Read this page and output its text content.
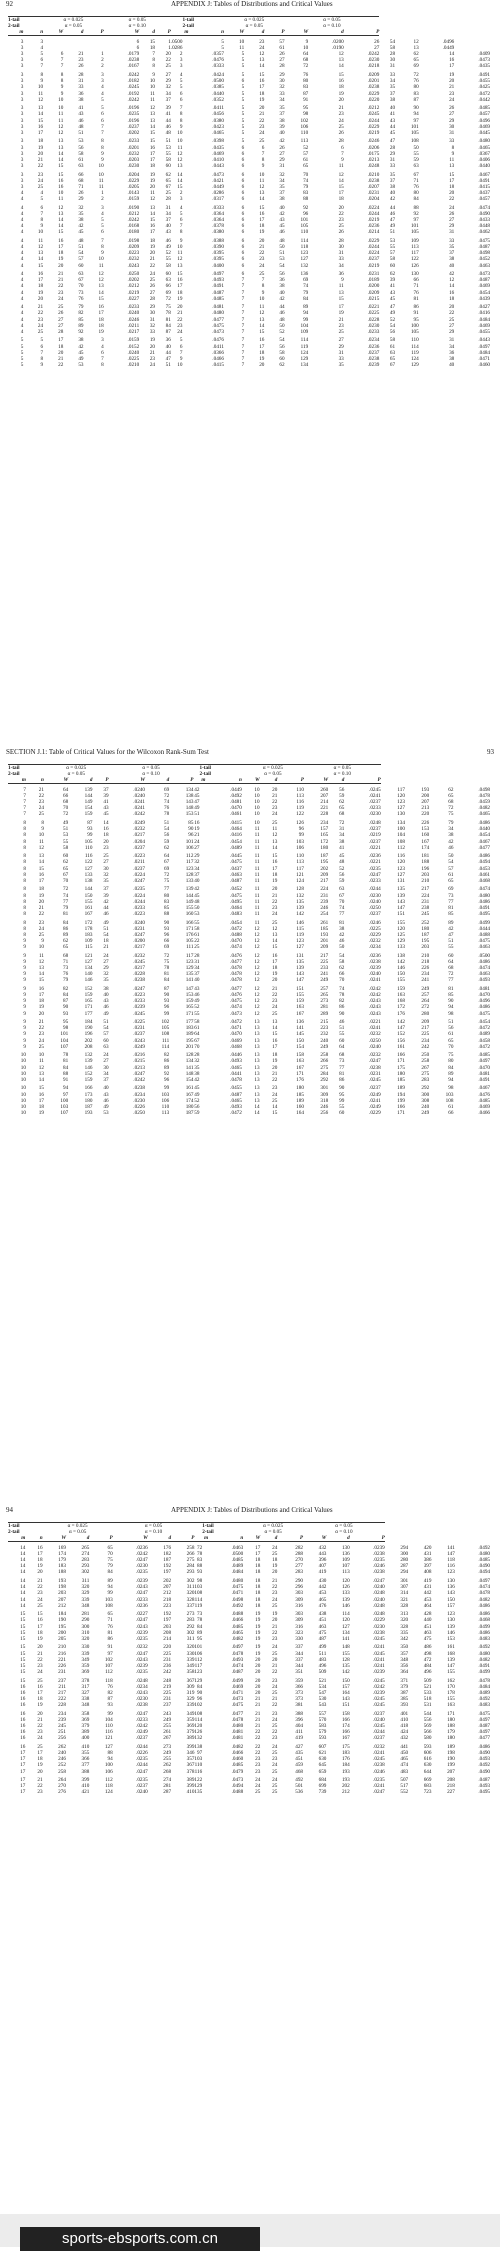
92	APPENDIX J: Tables of Distributions and Critical Values
1-tail		α = 0.025			α = 0.05				1-tail		α = 0.025			α = 0.05						
2-tail		α = 0.05			α = 0.10				2-tail		α = 0.05			α = 0.10						
m	n	W	d	P	W	d	P		m	n	W	d	P	W	d	P				
3	3				6	15	1	.0500		5	10	23	57	9	.0200	26	54	12	.0496	
3	4				6	18	1	.0286		5	11	24	61	10	.0190	27	58	13	.0449	
3	5	6	21	1	.0179	7	20	2		.0357	5	12	26	64	12	.0242	28	62	14	.0409
3	6	7	23	2	.0238	8	22	3		.0476	5	13	27	68	13	.0230	30	65	16	.0473
3	7	7	26	2	.0167	8	25	3		.0333	5	14	28	72	14	.0218	31	69	17	.0435
3	8	8	28	3	.0242	9	27	4		.0424	5	15	29	76	15	.0209	33	72	19	.0491
3	9	8	31	3	.0182	10	29	5		.0500	6	16	30	80	16	.0201	34	76	20	.0455
3	10	9	33	4	.0245	10	32	5		.0385	5	17	32	83	18	.0238	35	80	21	.0425
3	11	9	36	4	.0192	11	34	6		.0440	5	18	33	87	19	.0229	37	83	23	.0472
3	12	10	38	5	.0242	11	37	6		.0352	5	19	34	91	20	.0220	38	87	24	.0442
3	13	10	41	5	.0196	12	39	7		.0411	5	20	35	95	21	.0212	40	90	26	.0485
3	14	11	43	6	.0235	13	41	8		.0456	5	21	37	98	23	.0245	41	94	27	.0457
3	15	11	46	6	.0196	13	44	8		.0380	5	22	38	102	24	.0244	43	97	29	.0496
3	16	12	48	7	.0237	14	46	9		.0423	5	23	39	106	25	.0229	44	101	30	.0469
3	17	12	51	7	.0202	15	48	10		.0465	5	24	40	110	26	.0219	45	105	31	.0445
3	18	13	53	8	.0233	15	51	10		.0398	5	25	42	113	28	.0246	47	108	33	.0480
3	19	13	56	8	.0201	16	53	11		.0435	6	6	26	52	6	.0206	28	50	8	.0465
3	20	14	58	9	.0232	17	55	12		.0469	6	7	27	57	7	.0175	29	55	9	.0367
3	21	14	61	9	.0203	17	58	12		.0410	6	8	29	61	9	.0213	31	59	11	.0406
3	22	15	63	10	.0230	18	60	13		.0443	6	9	31	65	11	.0248	33	63	13	.0440
3	23	15	66	10	.0204	19	62	14		.0473	6	10	32	70	12	.0210	35	67	15	.0467
3	24	16	68	11	.0229	19	65	14		.0421	6	11	34	74	14	.0238	37	71	17	.0491
3	25	16	71	11	.0205	20	67	15		.0449	6	12	35	79	15	.0207	38	76	18	.0415
4	4	10	26	1	.0143	11	25	2		.0286	6	13	37	83	17	.0231	40	80	20	.0437
4	5	11	29	2	.0159	12	28	3		.0317	6	14	38	88	18	.0204	42	84	22	.0457
4	6	12	32	3	.0190	13	31	4		.0333	6	15	40	92	20	.0224	44	88	24	.0474
4	7	13	35	4	.0212	14	34	5		.0364	6	16	42	96	22	.0244	46	92	26	.0490
4	8	14	38	5	.0242	15	37	6		.0364	6	17	43	101	23	.0219	47	97	27	.0433
4	9	14	42	5	.0168	16	40	7		.0378	6	18	45	105	25	.0236	49	101	29	.0448
4	10	15	45	6	.0180	17	43	8		.0380	6	19	46	110	26	.0214	51	105	31	.0462
4	11	16	48	7	.0198	18	46	9		.0388	6	20	48	114	28	.0229	53	109	33	.0475
4	12	17	51	8	.0209	19	49	10		.0390	6	21	50	118	30	.0244	55	113	35	.0487
4	13	18	54	9	.0223	20	52	11		.0395	6	22	51	123	31	.0224	57	117	37	.0498
4	14	19	57	10	.0232	21	55	12		.0395	6	23	53	127	33	.0237	58	122	38	.0452
4	15	20	60	11	.0243	22	58	13		.0400	6	24	54	132	34	.0219	60	126	40	.0463
4	16	21	63	12	.0250	24	60	15		.0497	6	25	56	136	36	.0231	62	130	42	.0473
4	17	21	67	12	.0202	25	63	16		.0493	7	7	36	69	9	.0189	39	66	12	.0487
4	18	22	70	13	.0212	26	66	17		.0491	7	8	38	74	11	.0200	41	71	14	.0469
4	19	23	73	14	.0219	27	69	18		.0487	7	9	40	79	13	.0209	43	76	16	.0454
4	20	24	76	15	.0227	28	72	19		.0485	7	10	42	84	15	.0215	45	81	18	.0439
4	21	25	79	16	.0233	29	75	20		.0481	7	11	44	89	17	.0221	47	86	20	.0427
4	22	26	82	17	.0240	30	78	21		.0480	7	12	46	94	19	.0225	49	91	22	.0416
4	23	27	85	18	.0246	31	81	22		.0477	7	13	48	99	21	.0228	52	95	25	.0484
4	24	27	89	18	.0211	32	84	23		.0475	7	14	50	104	23	.0230	54	100	27	.0469
4	25	28	92	19	.0217	33	87	24		.0473	7	15	52	109	25	.0233	56	105	29	.0455
5	5	17	38	3	.0159	19	36	5		.0476	7	16	54	114	27	.0234	58	110	31	.0443
5	6	18	42	4	.0152	20	40	6		.0411	7	17	56	119	29	.0236	61	114	34	.0497
5	7	20	45	6	.0240	21	44	7		.0366	7	18	58	124	31	.0237	63	119	36	.0484
5	8	21	49	7	.0225	23	47	9		.0466	7	19	60	129	33	.0238	65	124	38	.0471
5	9	22	53	8	.0210	24	51	10		.0415	7	20	62	134	35	.0239	67	129	40	.0460
SECTION J.1: Table of Critical Values for the Wilcoxon Rank-Sum Test	93
1-tail		α = 0.025			α = 0.05				1-tail		α = 0.025			α = 0.05						
2-tail		α = 0.05			α = 0.10				2-tail		α = 0.05			α = 0.10						
m	n	W	d	P	W	d	P		m	n	W	d	P	W	d	P				
7	21	64	139	37	.0240	69	134	42		.0449	10	20	110	260	56	.0245	117	193	62	.0498
7	22	66	144	39	.0240	72	138	45		.0492	10	21	113	207	59	.0241	120	200	65	.0478
7	23	68	149	41	.0241	74	143	47		.0481	10	22	116	214	62	.0237	123	207	68	.0459
7	24	70	154	43	.0241	76	148	49		.0470	10	23	119	221	65	.0233	127	213	72	.0482
7	25	72	159	45	.0242	78	153	51		.0461	10	24	122	228	68	.0230	130	220	75	.0465
8	8	49	87	14	.0249	51	85	16		.0415	10	25	126	234	72	.0248	134	226	79	.0486
8	9	51	93	16	.0232	54	90	19		.0464	11	11	96	157	31	.0237	100	153	34	.0440
8	10	53	99	18	.0217	56	96	21		.0416	11	12	99	165	34	.0219	104	160	38	.0454
8	11	55	105	20	.0204	59	101	24		.0454	11	13	103	172	38	.0237	108	167	42	.0467
8	12	58	110	23	.0237	62	106	27		.0489	11	14	106	180	41	.0221	112	174	46	.0477
8	13	60	116	25	.0223	64	112	29		.0445	11	15	110	187	45	.0236	116	181	50	.0486
8	14	62	122	27	.0211	67	117	32		.0475	11	16	113	195	48	.0221	120	188	54	.0494
8	15	65	127	30	.0237	69	123	34		.0437	11	17	117	202	52	.0235	123	196	57	.0453
8	16	67	133	32	.0224	72	128	37		.0463	11	18	121	209	56	.0247	127	203	61	.0461
8	17	70	138	35	.0247	75	133	40		.0487	11	19	124	217	59	.0233	131	210	65	.0468
8	18	72	144	37	.0235	77	139	42		.0452	11	20	128	224	63	.0244	135	217	69	.0474
8	19	74	150	39	.0224	80	144	45		.0475	11	21	132	231	67	.0230	139	224	73	.0480
8	20	77	155	42	.0244	83	149	48		.0495	11	22	135	239	70	.0240	143	231	77	.0486
8	21	79	161	44	.0233	85	155	50		.0464	11	23	139	246	74	.0250	147	238	81	.0491
8	22	81	167	46	.0223	88	160	53		.0483	11	24	142	254	77	.0237	151	245	85	.0495
8	23	84	172	49	.0240	90	166	55		.0454	11	25	146	261	81	.0246	155	252	89	.0499
8	24	86	178	51	.0231	93	171	58		.0472	12	12	115	185	38	.0225	120	180	42	.0444
8	25	89	183	54	.0247	96	176	61		.0488	12	13	119	193	42	.0229	125	187	47	.0488
9	9	62	109	18	.0200	66	105	22		.0470	12	14	123	201	46	.0232	129	195	51	.0475
9	10	65	115	21	.0217	69	111	25		.0474	12	15	127	209	50	.0234	133	203	55	.0463
9	11	68	121	24	.0232	72	117	28		.0476	12	16	131	217	54	.0236	138	210	60	.0500
9	12	71	127	27	.0245	75	123	31		.0477	12	17	135	225	58	.0238	142	218	64	.0486
9	13	73	134	29	.0217	78	129	34		.0478	12	18	139	233	62	.0239	146	226	68	.0474
9	14	76	140	32	.0228	81	135	37		.0478	12	19	143	241	66	.0240	150	234	72	.0463
9	15	79	146	35	.0238	84	141	40		.0478	12	20	147	249	70	.0241	155	241	77	.0493
9	16	82	152	38	.0247	87	147	43		.0477	12	21	151	257	74	.0242	159	249	81	.0481
9	17	84	159	40	.0223	90	153	46		.0476	12	22	155	265	78	.0242	163	257	85	.0470
9	18	87	165	43	.0233	93	159	49		.0475	12	23	159	273	82	.0243	168	264	90	.0496
9	19	90	171	46	.0239	96	165	52		.0474	12	24	163	281	86	.0243	172	272	94	.0486
9	20	93	177	49	.0245	99	171	55		.0473	12	25	167	289	90	.0243	176	280	98	.0475
9	21	95	184	51	.0225	102	177	58		.0472	13	13	136	215	46	.0221	142	209	51	.0454
9	22	98	190	54	.0231	105	183	61		.0471	13	14	141	223	51	.0241	147	217	56	.0472
9	23	101	196	57	.0237	108	189	64		.0470	13	15	145	232	55	.0232	152	225	61	.0489
9	24	104	202	60	.0243	111	195	67		.0469	13	16	150	240	60	.0250	156	234	65	.0458
9	25	107	208	63	.0249	114	201	70		.0468	13	17	154	249	64	.0240	161	242	70	.0472
10	10	78	132	24	.0216	82	128	28		.0446	13	18	158	258	68	.0232	166	250	75	.0485
10	11	81	139	27	.0215	86	134	32		.0493	13	19	163	266	73	.0247	171	258	80	.0497
10	12	84	146	30	.0213	89	141	35		.0465	13	20	167	275	77	.0238	175	267	84	.0470
10	13	88	152	34	.0247	92	148	38		.0441	13	21	171	284	81	.0231	180	275	89	.0481
10	14	91	159	37	.0242	96	154	42		.0478	13	22	176	292	86	.0245	185	283	94	.0491
10	15	94	166	40	.0238	99	161	45		.0455	13	23	180	301	90	.0237	189	292	98	.0467
10	16	97	173	43	.0234	103	167	49		.0487	13	24	185	309	95	.0249	194	300	103	.0476
10	17	100	180	46	.0230	106	174	52		.0465	13	25	189	318	99	.0241	199	308	108	.0485
10	18	103	187	49	.0226	110	180	56		.0493	14	14	160	246	55	.0249	166	240	61	.0469
10	19	107	193	53	.0250	113	187	59		.0472	14	15	164	256	60	.0229	171	249	66	.0466
94	APPENDIX J: Tables of Distributions and Critical Values
1-tail		α = 0.025			α = 0.05				1-tail		α = 0.025			α = 0.05						
2-tail		α = 0.05			α = 0.10				2-tail		α = 0.05			α = 0.10						
m	n	W	d	P	W	d	P		m	n	W	d	P	W	d	P				
14	16	169	265	65	.0236	176	258	72		.0463	17	24	282	432	130	.0239	294	420	141	.0492
14	17	174	274	70	.0242	182	266	78		.0500	17	25	288	443	136	.0238	300	431	147	.0480
14	18	179	283	75	.0247	187	275	83		.0485	18	18	270	396	109	.0235	280	386	118	.0485
14	19	183	293	79	.0230	192	284	88		.0489	18	19	277	407	107	.0246	287	397	116	.0490
14	20	188	302	84	.0235	197	293	93		.0484	18	20	283	419	113	.0238	294	408	123	.0494
14	21	193	311	89	.0239	202	302	98		.0480	18	21	290	430	120	.0247	301	419	130	.0497
14	22	198	320	94	.0243	207	311	103		.0475	18	22	296	442	126	.0240	307	431	136	.0474
14	23	203	329	99	.0247	212	320	108		.0471	18	23	303	453	133	.0248	314	442	143	.0478
14	24	207	339	103	.0233	218	328	114		.0498	18	24	309	465	139	.0240	321	453	150	.0482
14	25	212	348	108	.0236	223	337	119		.0492	18	25	316	476	146	.0248	328	464	157	.0486
15	15	184	281	65	.0227	192	273	73		.0488	19	19	303	438	114	.0248	313	428	123	.0486
15	16	190	290	71	.0247	197	283	78		.0466	19	20	309	451	120	.0229	320	440	130	.0468
15	17	195	300	76	.0243	203	292	84		.0485	19	21	316	463	127	.0230	328	451	139	.0499
15	18	200	310	81	.0239	208	302	89		.0465	19	22	323	475	134	.0238	335	463	146	.0486
15	19	205	320	86	.0235	214	311	95		.0482	19	23	330	487	141	.0245	342	475	153	.0483
15	20	210	330	91	.0232	220	320	101		.0497	19	24	337	499	148	.0241	350	486	161	.0492
15	21	216	339	97	.0247	225	330	106		.0478	19	25	344	511	155	.0245	357	498	168	.0480
15	22	221	349	102	.0243	231	339	112		.0493	20	20	337	483	128	.0241	348	472	139	.0482
15	23	226	359	107	.0239	236	349	117		.0474	20	21	344	496	135	.0241	356	484	147	.0491
15	24	231	369	112	.0235	242	358	123		.0487	20	22	351	509	142	.0239	364	496	155	.0499
15	25	237	378	118	.0248	248	367	129		.0499	20	23	359	521	150	.0245	371	509	162	.0478
16	16	211	317	76	.0234	219	309	84		.0469	20	24	366	534	157	.0242	379	521	170	.0484
16	17	217	327	82	.0243	225	319	90		.0471	20	25	373	547	164	.0239	387	533	178	.0489
16	18	222	338	87	.0230	231	329	96		.0473	21	21	373	530	143	.0245	385	518	155	.0492
16	19	228	348	93	.0238	237	339	102		.0475	21	22	381	543	151	.0245	393	531	163	.0483
16	20	234	358	99	.0247	243	349	108		.0477	21	23	388	557	158	.0237	401	544	171	.0475
16	21	239	369	104	.0233	249	359	114		.0478	21	24	396	570	166	.0240	410	556	180	.0497
16	22	245	379	110	.0242	255	369	120		.0480	21	25	404	583	174	.0245	418	569	188	.0487
16	23	251	389	116	.0249	261	379	126		.0481	22	22	411	579	166	.0244	424	566	179	.0497
16	24	256	400	121	.0237	267	389	132		.0481	22	23	419	593	167	.0237	432	580	180	.0477
16	25	262	410	127	.0244	273	399	138		.0482	22	24	427	607	175	.0232	441	593	189	.0486
17	17	240	355	88	.0226	249	346	97		.0466	22	25	435	621	183	.0241	450	606	198	.0490
17	18	246	366	94	.0235	255	357	103		.0460	23	23	451	630	176	.0245	465	616	190	.0493
17	19	252	377	100	.0244	262	367	110		.0485	23	24	459	645	184	.0238	474	630	199	.0492
17	20	258	388	106	.0247	268	378	116		.0479	23	25	468	659	193	.0246	483	644	207	.0490
17	21	264	399	112	.0235	274	389	122		.0473	24	24	492	684	193	.0235	507	669	208	.0487
17	22	270	410	118	.0237	281	399	129		.0494	24	25	501	699	202	.0241	517	683	218	.0493
17	23	276	421	124	.0240	287	410	135		.0488	25	25	536	739	212	.0247	552	723	227	.0495
sports-ebsports.com.cn
